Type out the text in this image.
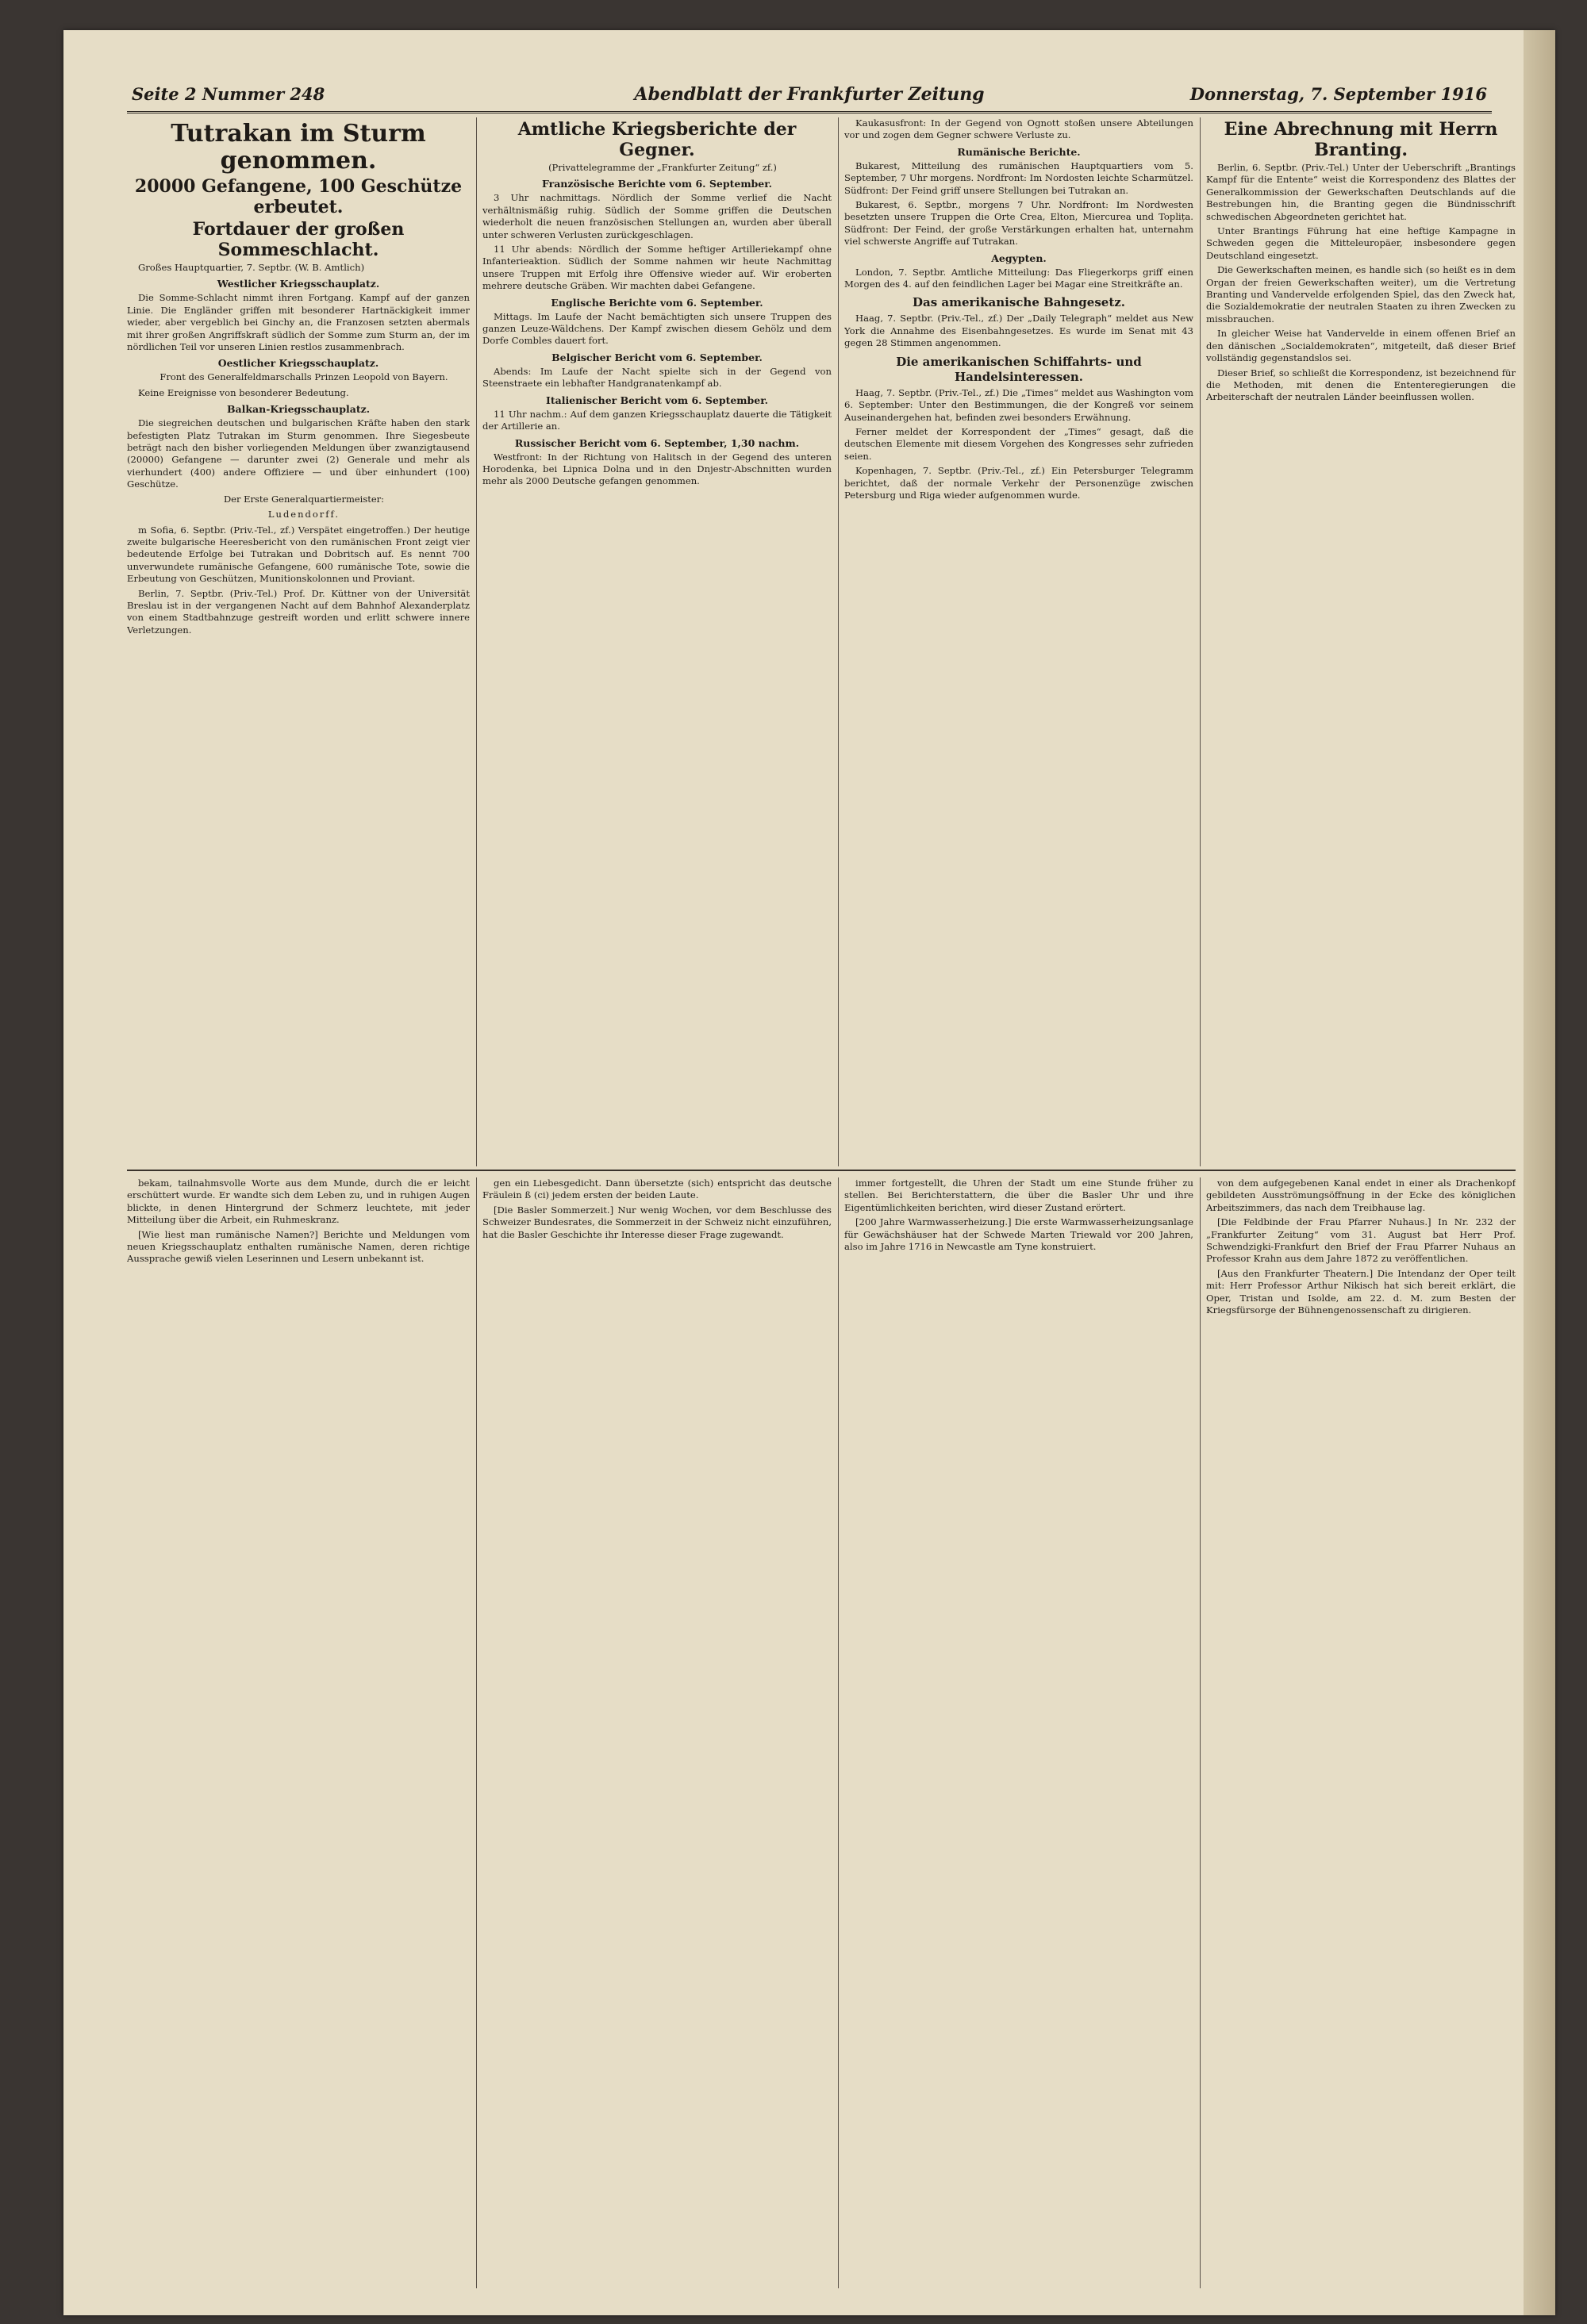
Seite 2 Nummer 248	Abendblatt der Frankfurter Zeitung	Donnerstag, 7. September 1916
Tutrakan im Sturm genommen.
20000 Gefangene, 100 Geschütze erbeutet.
Fortdauer der großen Sommeschlacht.

Großes Hauptquartier, 7. Septbr. (W. B. Amtlich)

Westlicher Kriegsschauplatz.

Die Somme-Schlacht nimmt ihren Fortgang. Kampf auf der ganzen Linie. Die Engländer griffen mit besonderer Hartnäckigkeit immer wieder, aber vergeblich bei Ginchy an, die Franzosen setzten abermals mit ihrer großen Angriffskraft südlich der Somme zum Sturm an, der im nördlichen Teil vor unseren Linien restlos zusammenbrach.

Oestlicher Kriegsschauplatz.

Front des Generalfeldmarschalls Prinzen Leopold von Bayern.

Keine Ereignisse von besonderer Bedeutung.

Balkan-Kriegsschauplatz.

Die siegreichen deutschen und bulgarischen Kräfte haben den stark befestigten Platz Tutrakan im Sturm genommen. Ihre Siegesbeute beträgt nach den bisher vorliegenden Meldungen über zwanzigtausend (20000) Gefangene — darunter zwei (2) Generale und mehr als vierhundert (400) andere Offiziere — und über einhundert (100) Geschütze.

Der Erste Generalquartiermeister:

Ludendorff.

m Sofia, 6. Septbr. (Priv.-Tel., zf.) Verspätet eingetroffen.) Der heutige zweite bulgarische Heeresbericht von den rumänischen Front zeigt vier bedeutende Erfolge bei Tutrakan und Dobritsch auf. Es nennt 700 unverwundete rumänische Gefangene, 600 rumänische Tote, sowie die Erbeutung von Geschützen, Munitionskolonnen und Proviant.

Berlin, 7. Septbr. (Priv.-Tel.) Prof. Dr. Küttner von der Universität Breslau ist in der vergangenen Nacht auf dem Bahnhof Alexanderplatz von einem Stadtbahnzuge gestreift worden und erlitt schwere innere Verletzungen.

Amtliche Kriegsberichte der Gegner.

(Privattelegramme der „Frankfurter Zeitung“ zf.)

Französische Berichte vom 6. September.

3 Uhr nachmittags. Nördlich der Somme verlief die Nacht verhältnismäßig ruhig. Südlich der Somme griffen die Deutschen wiederholt die neuen französischen Stellungen an, wurden aber überall unter schweren Verlusten zurückgeschlagen.

11 Uhr abends: Nördlich der Somme heftiger Artilleriekampf ohne Infanterieaktion. Südlich der Somme nahmen wir heute Nachmittag unsere Truppen mit Erfolg ihre Offensive wieder auf. Wir eroberten mehrere deutsche Gräben. Wir machten dabei Gefangene.

Englische Berichte vom 6. September.

Mittags. Im Laufe der Nacht bemächtigten sich unsere Truppen des ganzen Leuze-Wäldchens. Der Kampf zwischen diesem Gehölz und dem Dorfe Combles dauert fort.

Belgischer Bericht vom 6. September.

Abends: Im Laufe der Nacht spielte sich in der Gegend von Steenstraete ein lebhafter Handgranatenkampf ab.

Italienischer Bericht vom 6. September.

11 Uhr nachm.: Auf dem ganzen Kriegsschauplatz dauerte die Tätigkeit der Artillerie an.

Russischer Bericht vom 6. September, 1,30 nachm.

Westfront: In der Richtung von Halitsch in der Gegend des unteren Horodenka, bei Lipnica Dolna und in den Dnjestr-Abschnitten wurden mehr als 2000 Deutsche gefangen genommen.

Kaukasusfront: In der Gegend von Ognott stoßen unsere Abteilungen vor und zogen dem Gegner schwere Verluste zu.

Rumänische Berichte.

Bukarest, Mitteilung des rumänischen Hauptquartiers vom 5. September, 7 Uhr morgens. Nordfront: Im Nordosten leichte Scharmützel. Südfront: Der Feind griff unsere Stellungen bei Tutrakan an.

Bukarest, 6. Septbr., morgens 7 Uhr. Nordfront: Im Nordwesten besetzten unsere Truppen die Orte Crea, Elton, Miercurea und Toplița. Südfront: Der Feind, der große Verstärkungen erhalten hat, unternahm viel schwerste Angriffe auf Tutrakan.

Aegypten.

London, 7. Septbr. Amtliche Mitteilung: Das Fliegerkorps griff einen Morgen des 4. auf den feindlichen Lager bei Magar eine Streitkräfte an.

Das amerikanische Bahngesetz.

Haag, 7. Septbr. (Priv.-Tel., zf.) Der „Daily Telegraph“ meldet aus New York die Annahme des Eisenbahngesetzes. Es wurde im Senat mit 43 gegen 28 Stimmen angenommen.

Die amerikanischen Schiffahrts- und Handelsinteressen.

Haag, 7. Septbr. (Priv.-Tel., zf.) Die „Times“ meldet aus Washington vom 6. September: Unter den Bestimmungen, die der Kongreß vor seinem Auseinandergehen hat, befinden zwei besonders Erwähnung.

Ferner meldet der Korrespondent der „Times“ gesagt, daß die deutschen Elemente mit diesem Vorgehen des Kongresses sehr zufrieden seien.

Kopenhagen, 7. Septbr. (Priv.-Tel., zf.) Ein Petersburger Telegramm berichtet, daß der normale Verkehr der Personenzüge zwischen Petersburg und Riga wieder aufgenommen wurde.

Eine Abrechnung mit Herrn Branting.

Berlin, 6. Septbr. (Priv.-Tel.) Unter der Ueberschrift „Brantings Kampf für die Entente“ weist die Korrespondenz des Blattes der Generalkommission der Gewerkschaften Deutschlands auf die Bestrebungen hin, die Branting gegen die Bündnisschrift schwedischen Abgeordneten gerichtet hat.

Unter Brantings Führung hat eine heftige Kampagne in Schweden gegen die Mitteleuropäer, insbesondere gegen Deutschland eingesetzt.

Die Gewerkschaften meinen, es handle sich (so heißt es in dem Organ der freien Gewerkschaften weiter), um die Vertretung Branting und Vandervelde erfolgenden Spiel, das den Zweck hat, die Sozialdemokratie der neutralen Staaten zu ihren Zwecken zu missbrauchen.

In gleicher Weise hat Vandervelde in einem offenen Brief an den dänischen „Socialdemokraten“, mitgeteilt, daß dieser Brief vollständig gegenstandslos sei.

Dieser Brief, so schließt die Korrespondenz, ist bezeichnend für die Methoden, mit denen die Ententeregierungen die Arbeiterschaft der neutralen Länder beeinflussen wollen.

bekam, tailnahmsvolle Worte aus dem Munde, durch die er leicht erschüttert wurde. Er wandte sich dem Leben zu, und in ruhigen Augen blickte, in denen Hintergrund der Schmerz leuchtete, mit jeder Mitteilung über die Arbeit, ein Ruhmeskranz.

[Wie liest man rumänische Namen?] Berichte und Meldungen vom neuen Kriegsschauplatz enthalten rumänische Namen, deren richtige Aussprache gewiß vielen Leserinnen und Lesern unbekannt ist.

gen ein Liebesgedicht. Dann übersetzte (sich) entspricht das deutsche Fräulein ß (ci) jedem ersten der beiden Laute.

[Die Basler Sommerzeit.] Nur wenig Wochen, vor dem Beschlusse des Schweizer Bundesrates, die Sommerzeit in der Schweiz nicht einzuführen, hat die Basler Geschichte ihr Interesse dieser Frage zugewandt.

immer fortgestellt, die Uhren der Stadt um eine Stunde früher zu stellen. Bei Berichterstattern, die über die Basler Uhr und ihre Eigentümlichkeiten berichten, wird dieser Zustand erörtert.

[200 Jahre Warmwasserheizung.] Die erste Warmwasserheizungsanlage für Gewächshäuser hat der Schwede Marten Triewald vor 200 Jahren, also im Jahre 1716 in Newcastle am Tyne konstruiert.

von dem aufgegebenen Kanal endet in einer als Drachenkopf gebildeten Ausströmungsöffnung in der Ecke des königlichen Arbeitszimmers, das nach dem Treibhause lag.

[Die Feldbinde der Frau Pfarrer Nuhaus.] In Nr. 232 der „Frankfurter Zeitung“ vom 31. August bat Herr Prof. Schwendzigki-Frankfurt den Brief der Frau Pfarrer Nuhaus an Professor Krahn aus dem Jahre 1872 zu veröffentlichen.

[Aus den Frankfurter Theatern.] Die Intendanz der Oper teilt mit: Herr Professor Arthur Nikisch hat sich bereit erklärt, die Oper, Tristan und Isolde, am 22. d. M. zum Besten der Kriegsfürsorge der Bühnengenossenschaft zu dirigieren.
